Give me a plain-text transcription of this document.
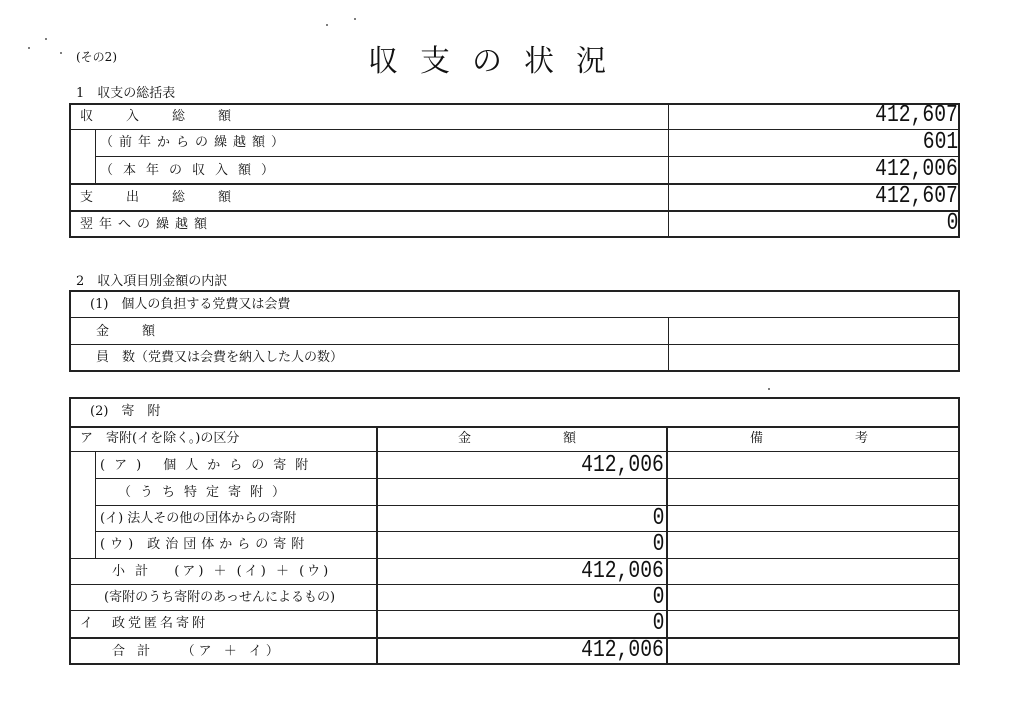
(その2)	収支の状況
1　収支の総括表
収　入　総　額	412,607
（前年からの繰越額）	601
（本年の収入額）	412,006
支　出　総　額	412,607
翌年への繰越額	0
2　収入項目別金額の内訳
(1)　個人の負担する党費又は会費
金　額
員　数（党費又は会費を納入した人の数）
(2)　寄　附
ア　寄附(イを除く。)の区分	金　　　　額	備　　　　考
(ア) 個人からの寄附	412,006
（うち特定寄附）
(イ) 法人その他の団体からの寄附	0
(ウ) 政治団体からの寄附	0
小 計　 (ア) ＋ (イ) ＋ (ウ)	412,006
(寄附のうち寄附のあっせんによるもの)	0
イ　政党匿名寄附	0
合 計　　（ア ＋ イ）	412,006
